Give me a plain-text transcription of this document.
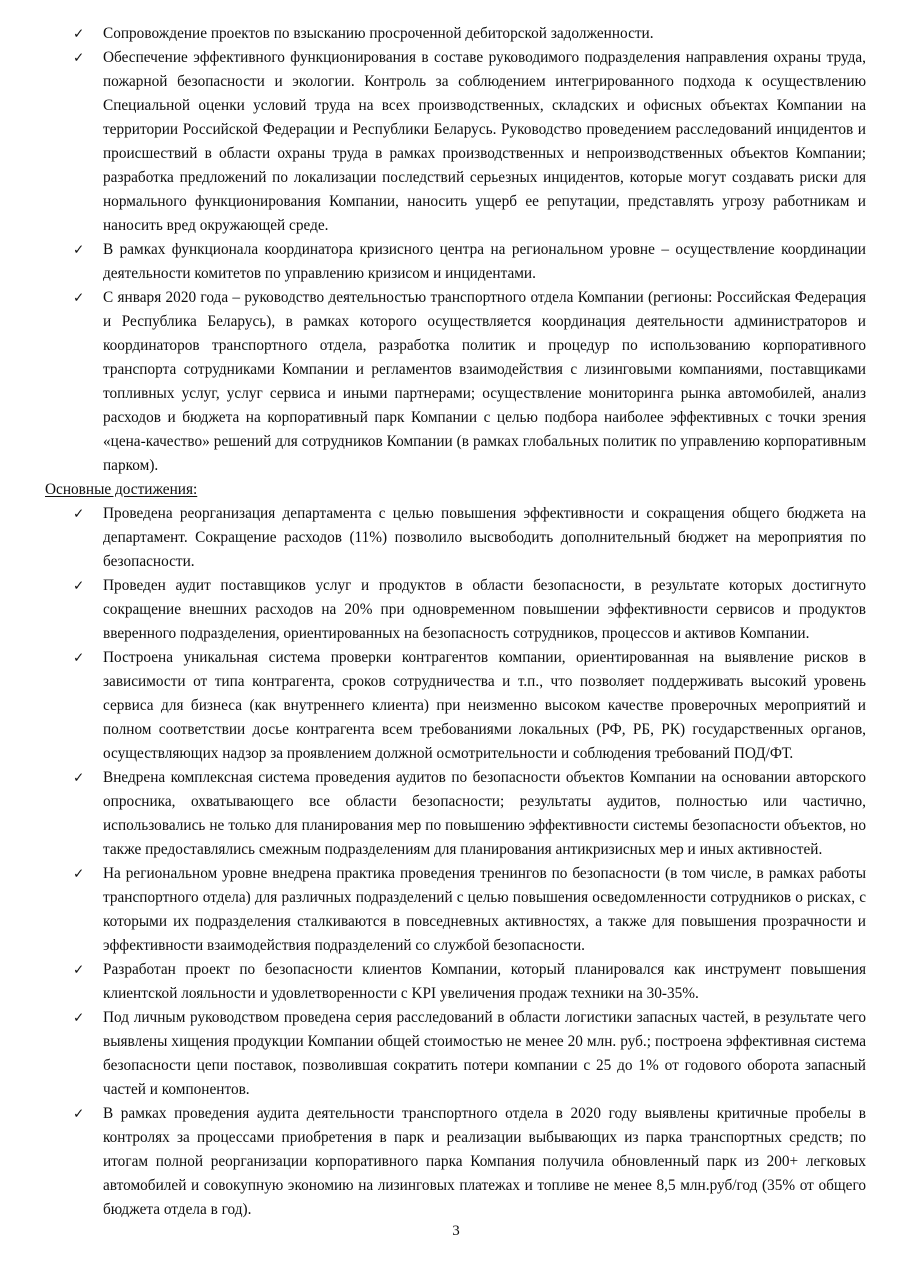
✓ Сопровождение проектов по взысканию просроченной дебиторской задолженности.
✓ Обеспечение эффективного функционирования в составе руководимого подразделения направления охраны труда, пожарной безопасности и экологии. Контроль за соблюдением интегрированного подхода к осуществлению Специальной оценки условий труда на всех производственных, складских и офисных объектах Компании на территории Российской Федерации и Республики Беларусь. Руководство проведением расследований инцидентов и происшествий в области охраны труда в рамках производственных и непроизводственных объектов Компании; разработка предложений по локализации последствий серьезных инцидентов, которые могут создавать риски для нормального функционирования Компании, наносить ущерб ее репутации, представлять угрозу работникам и наносить вред окружающей среде.
✓ В рамках функционала координатора кризисного центра на региональном уровне – осуществление координации деятельности комитетов по управлению кризисом и инцидентами.
✓ С января 2020 года – руководство деятельностью транспортного отдела Компании (регионы: Российская Федерация и Республика Беларусь), в рамках которого осуществляется координация деятельности администраторов и координаторов транспортного отдела, разработка политик и процедур по использованию корпоративного транспорта сотрудниками Компании и регламентов взаимодействия с лизинговыми компаниями, поставщиками топливных услуг, услуг сервиса и иными партнерами; осуществление мониторинга рынка автомобилей, анализ расходов и бюджета на корпоративный парк Компании с целью подбора наиболее эффективных с точки зрения «цена-качество» решений для сотрудников Компании (в рамках глобальных политик по управлению корпоративным парком).
Основные достижения:
✓ Проведена реорганизация департамента с целью повышения эффективности и сокращения общего бюджета на департамент. Сокращение расходов (11%) позволило высвободить дополнительный бюджет на мероприятия по безопасности.
✓ Проведен аудит поставщиков услуг и продуктов в области безопасности, в результате которых достигнуто сокращение внешних расходов на 20% при одновременном повышении эффективности сервисов и продуктов вверенного подразделения, ориентированных на безопасность сотрудников, процессов и активов Компании.
✓ Построена уникальная система проверки контрагентов компании, ориентированная на выявление рисков в зависимости от типа контрагента, сроков сотрудничества и т.п., что позволяет поддерживать высокий уровень сервиса для бизнеса (как внутреннего клиента) при неизменно высоком качестве проверочных мероприятий и полном соответствии досье контрагента всем требованиями локальных (РФ, РБ, РК) государственных органов, осуществляющих надзор за проявлением должной осмотрительности и соблюдения требований ПОД/ФТ.
✓ Внедрена комплексная система проведения аудитов по безопасности объектов Компании на основании авторского опросника, охватывающего все области безопасности; результаты аудитов, полностью или частично, использовались не только для планирования мер по повышению эффективности системы безопасности объектов, но также предоставлялись смежным подразделениям для планирования антикризисных мер и иных активностей.
✓ На региональном уровне внедрена практика проведения тренингов по безопасности (в том числе, в рамках работы транспортного отдела) для различных подразделений с целью повышения осведомленности сотрудников о рисках, с которыми их подразделения сталкиваются в повседневных активностях, а также для повышения прозрачности и эффективности взаимодействия подразделений со службой безопасности.
✓ Разработан проект по безопасности клиентов Компании, который планировался как инструмент повышения клиентской лояльности и удовлетворенности с KPI увеличения продаж техники на 30-35%.
✓ Под личным руководством проведена серия расследований в области логистики запасных частей, в результате чего выявлены хищения продукции Компании общей стоимостью не менее 20 млн. руб.; построена эффективная система безопасности цепи поставок, позволившая сократить потери компании с 25 до 1% от годового оборота запасный частей и компонентов.
✓ В рамках проведения аудита деятельности транспортного отдела в 2020 году выявлены критичные пробелы в контролях за процессами приобретения в парк и реализации выбывающих из парка транспортных средств; по итогам полной реорганизации корпоративного парка Компания получила обновленный парк из 200+ легковых автомобилей и совокупную экономию на лизинговых платежах и топливе не менее 8,5 млн.руб/год (35% от общего бюджета отдела в год).
3
